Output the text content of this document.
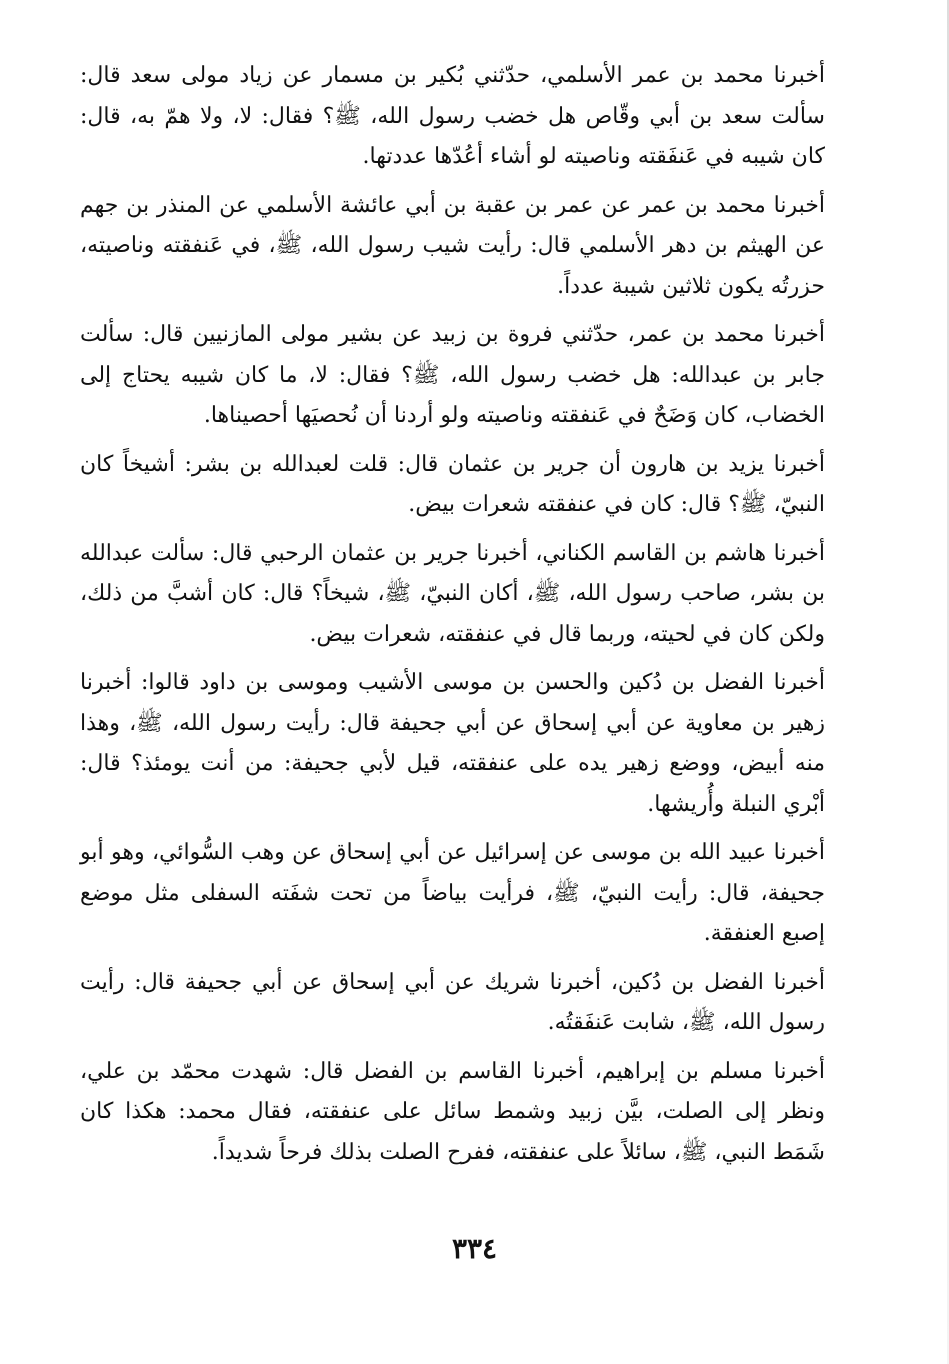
أخبرنا محمد بن عمر الأسلمي، حدّثني بُكير بن مسمار عن زياد مولى سعد قال: سألت سعد بن أبي وقّاص هل خضب رسول الله، ﷺ؟ فقال: لا، ولا همّ به، قال: كان شيبه في عَنفَقته وناصيته لو أشاء أعُدّها عددتها.

أخبرنا محمد بن عمر عن عمر بن عقبة بن أبي عائشة الأسلمي عن المنذر بن جهم عن الهيثم بن دهر الأسلمي قال: رأيت شيب رسول الله، ﷺ، في عَنفقته وناصيته، حزرتُه يكون ثلاثين شيبة عدداً.

أخبرنا محمد بن عمر، حدّثني فروة بن زبيد عن بشير مولى المازنيين قال: سألت جابر بن عبدالله: هل خضب رسول الله، ﷺ؟ فقال: لا، ما كان شيبه يحتاج إلى الخضاب، كان وَضَحٌ في عَنفقته وناصيته ولو أردنا أن نُحصيَها أحصيناها.

أخبرنا يزيد بن هارون أن جرير بن عثمان قال: قلت لعبدالله بن بشر: أشيخاً كان النبيّ، ﷺ؟ قال: كان في عنفقته شعرات بيض.

أخبرنا هاشم بن القاسم الكناني، أخبرنا جرير بن عثمان الرحبي قال: سألت عبدالله بن بشر، صاحب رسول الله، ﷺ، أكان النبيّ، ﷺ، شيخاً؟ قال: كان أشبَّ من ذلك، ولكن كان في لحيته، وربما قال في عنفقته، شعرات بيض.

أخبرنا الفضل بن دُكين والحسن بن موسى الأشيب وموسى بن داود قالوا: أخبرنا زهير بن معاوية عن أبي إسحاق عن أبي جحيفة قال: رأيت رسول الله، ﷺ، وهذا منه أبيض، ووضع زهير يده على عنفقته، قيل لأبي جحيفة: من أنت يومئذ؟ قال: أبْري النبلة وأُريشها.

أخبرنا عبيد الله بن موسى عن إسرائيل عن أبي إسحاق عن وهب السُّوائي، وهو أبو جحيفة، قال: رأيت النبيّ، ﷺ، فرأيت بياضاً من تحت شفَته السفلى مثل موضع إصبع العنفقة.

أخبرنا الفضل بن دُكين، أخبرنا شريك عن أبي إسحاق عن أبي جحيفة قال: رأيت رسول الله، ﷺ، شابت عَنفَقتُه.

أخبرنا مسلم بن إبراهيم، أخبرنا القاسم بن الفضل قال: شهدت محمّد بن علي، ونظر إلى الصلت، بيَّن زبيد وشمط سائل على عنفقته، فقال محمد: هكذا كان شَمَط النبي، ﷺ، سائلاً على عنفقته، ففرح الصلت بذلك فرحاً شديداً.

٣٣٤
